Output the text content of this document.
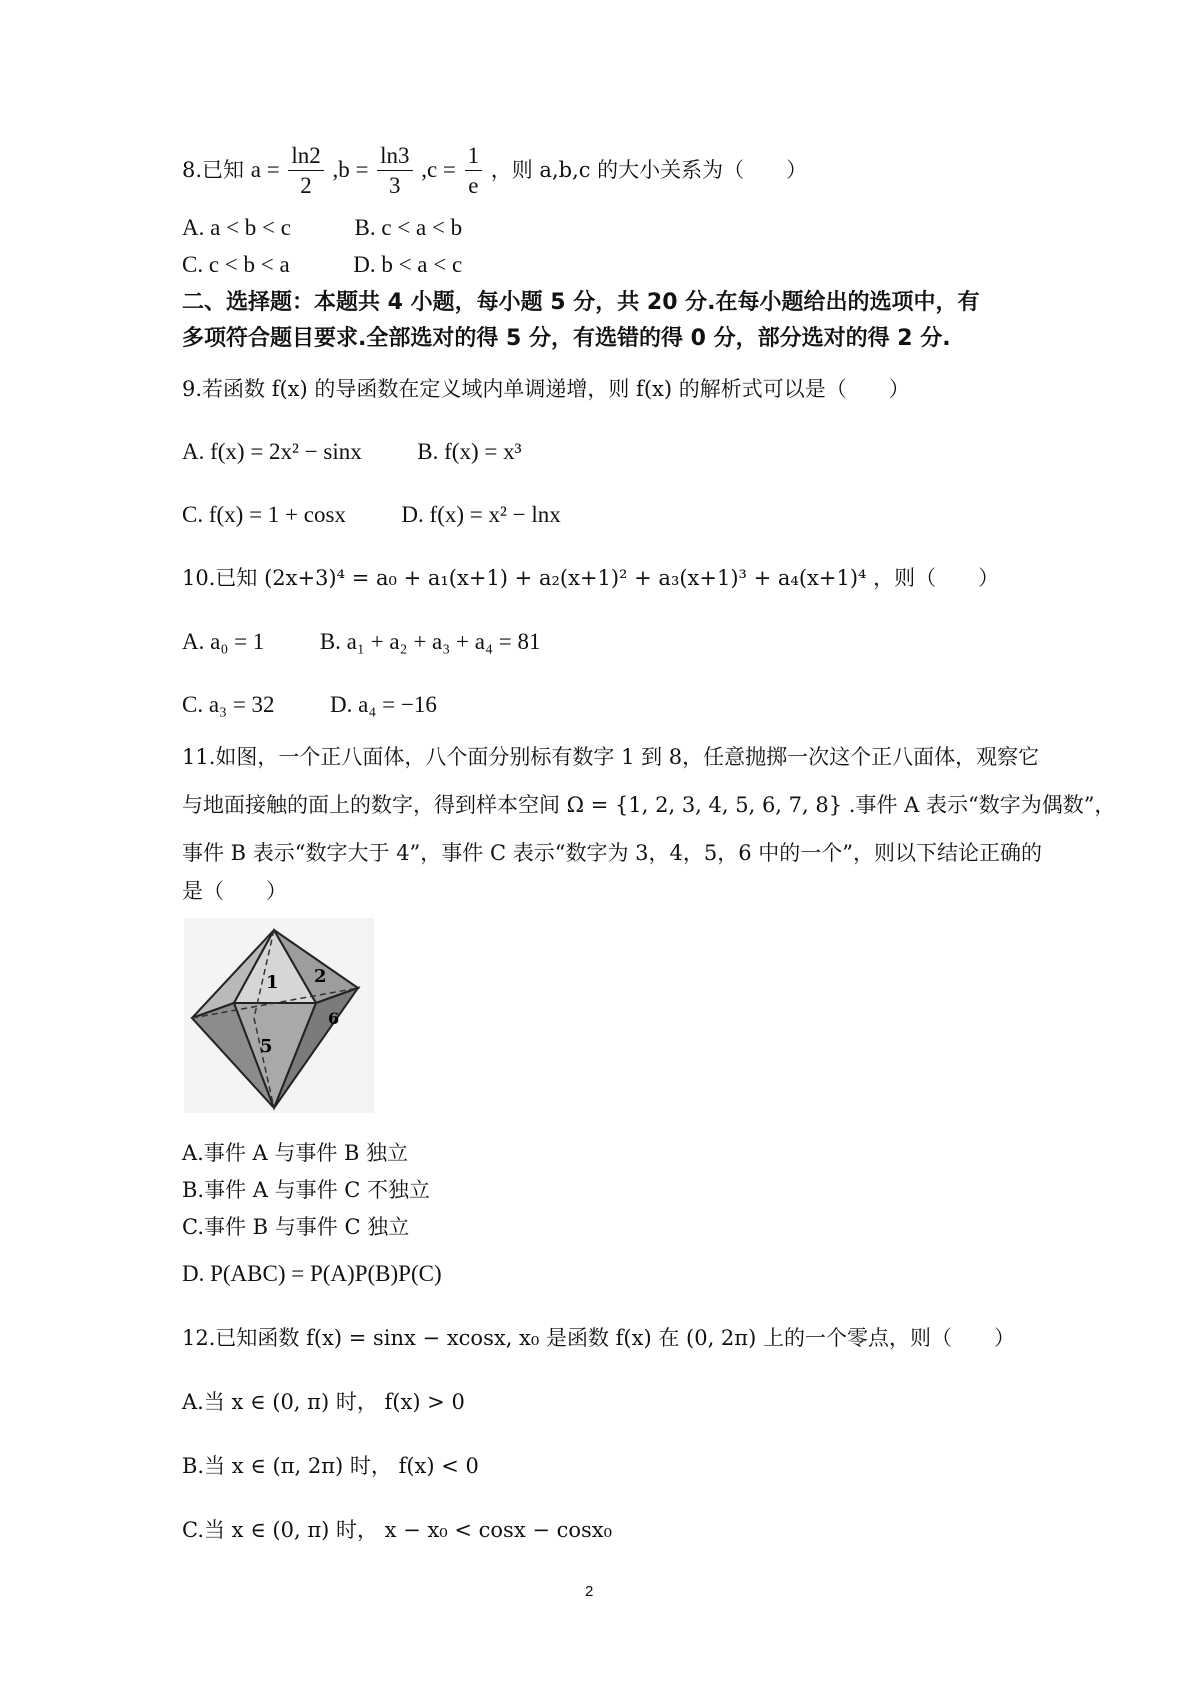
8.已知 $a = \frac{\ln 2}{2} ,b = \frac{\ln 3}{3} ,c = \frac{1}{e}$ ，则 a,b,c 的大小关系为（　　）
A. a < b < c	B. c < a < b
C. c < b < a	D. b < a < c
二、选择题：本题共 4 小题，每小题 5 分，共 20 分.在每小题给出的选项中，有
多项符合题目要求.全部选对的得 5 分，有选错的得 0 分，部分选对的得 2 分.
9.若函数 f(x) 的导函数在定义域内单调递增，则 f(x) 的解析式可以是（　　）
A. f(x) = 2x² − sinx B. f(x) = x³
C. f(x) = 1 + cosx D. f(x) = x² − lnx
10.已知 (2x+3)⁴ = a₀ + a₁(x+1) + a₂(x+1)² + a₃(x+1)³ + a₄(x+1)⁴ ，则（　　）
A. a₀ = 1 B. a₁ + a₂ + a₃ + a₄ = 81
C. a₃ = 32 D. a₄ = −16
11.如图，一个正八面体，八个面分别标有数字 1 到 8，任意抛掷一次这个正八面体，观察它
与地面接触的面上的数字，得到样本空间 Ω = {1, 2, 3, 4, 5, 6, 7, 8} .事件 A 表示“数字为偶数”，
事件 B 表示“数字大于 4”，事件 C 表示“数字为 3，4，5，6 中的一个”，则以下结论正确的
是（　　）
1 2
5
6
A.事件 A 与事件 B 独立
B.事件 A 与事件 C 不独立
C.事件 B 与事件 C 独立
D. P(ABC) = P(A)P(B)P(C)
12.已知函数 f(x) = sinx − xcosx, x₀ 是函数 f(x) 在 (0, 2π) 上的一个零点，则（　　）
A.当 x ∈ (0, π) 时， f(x) > 0
B.当 x ∈ (π, 2π) 时， f(x) < 0
C.当 x ∈ (0, π) 时， x − x₀ < cosx − cosx₀
2
